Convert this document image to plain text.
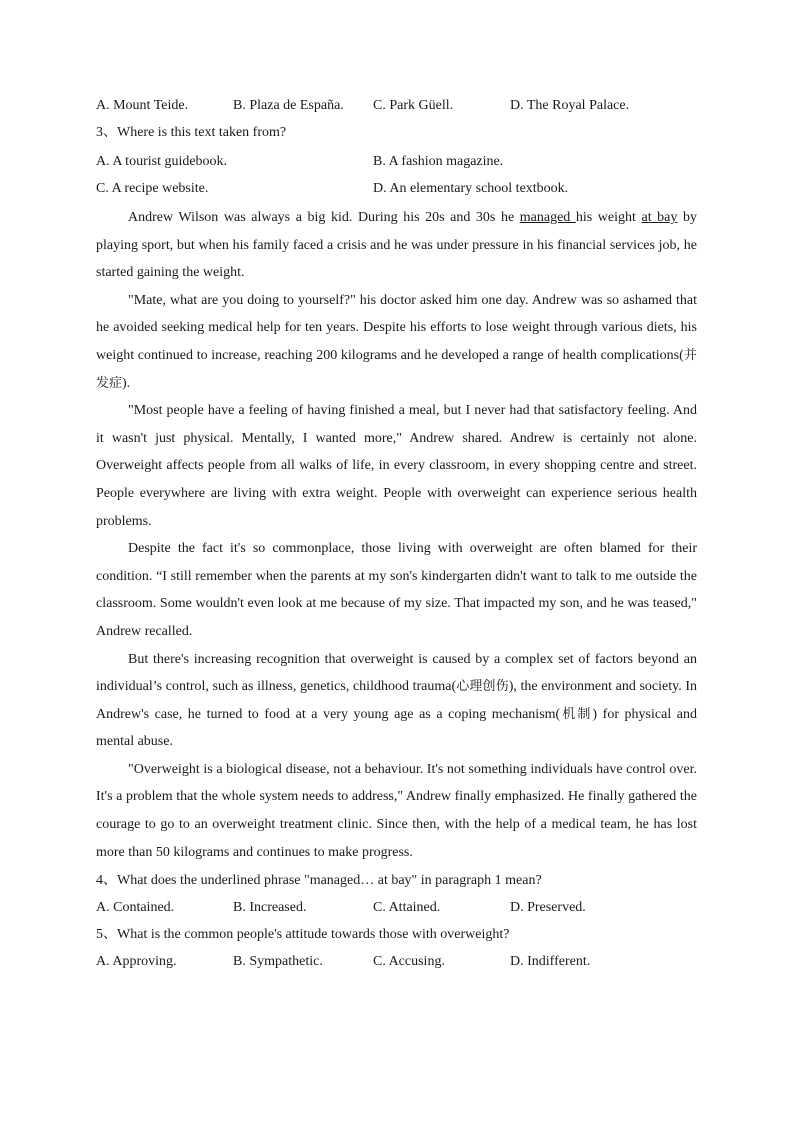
A. Mount Teide.	B. Plaza de España.	C. Park Güell.	D. The Royal Palace.
3、Where is this text taken from?
A. A tourist guidebook.	B. A fashion magazine.
C. A recipe website.	D. An elementary school textbook.

Andrew Wilson was always a big kid. During his 20s and 30s he managed his weight at bay by playing sport, but when his family faced a crisis and he was under pressure in his financial services job, he started gaining the weight.

"Mate, what are you doing to yourself?" his doctor asked him one day. Andrew was so ashamed that he avoided seeking medical help for ten years. Despite his efforts to lose weight through various diets, his weight continued to increase, reaching 200 kilograms and he developed a range of health complications(并发症).

"Most people have a feeling of having finished a meal, but I never had that satisfactory feeling. And it wasn't just physical. Mentally, I wanted more," Andrew shared. Andrew is certainly not alone. Overweight affects people from all walks of life, in every classroom, in every shopping centre and street. People everywhere are living with extra weight. People with overweight can experience serious health problems.

Despite the fact it's so commonplace, those living with overweight are often blamed for their condition. “I still remember when the parents at my son's kindergarten didn't want to talk to me outside the classroom. Some wouldn't even look at me because of my size. That impacted my son, and he was teased," Andrew recalled.

But there's increasing recognition that overweight is caused by a complex set of factors beyond an individual’s control, such as illness, genetics, childhood trauma(心理创伤), the environment and society. In Andrew's case, he turned to food at a very young age as a coping mechanism(机制) for physical and mental abuse.

"Overweight is a biological disease, not a behaviour. It's not something individuals have control over. It's a problem that the whole system needs to address," Andrew finally emphasized. He finally gathered the courage to go to an overweight treatment clinic. Since then, with the help of a medical team, he has lost more than 50 kilograms and continues to make progress.

4、What does the underlined phrase "managed… at bay" in paragraph 1 mean?
A. Contained.	B. Increased.	C. Attained.	D. Preserved.
5、What is the common people's attitude towards those with overweight?
A. Approving.	B. Sympathetic.	C. Accusing.	D. Indifferent.
